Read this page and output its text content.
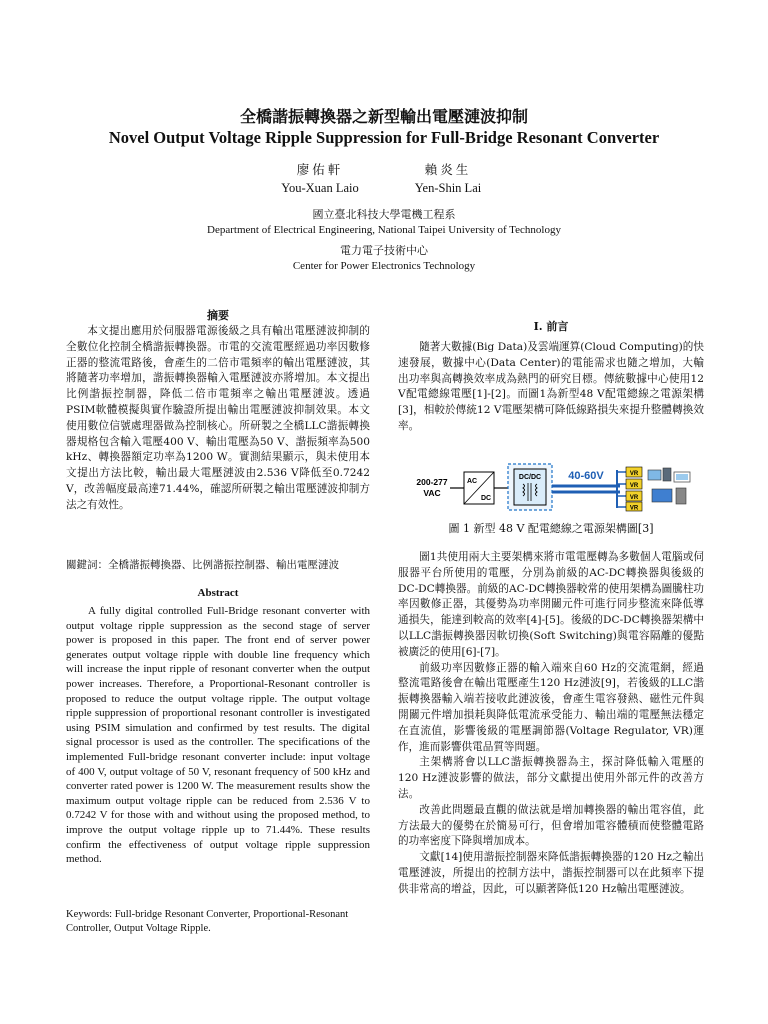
全橋諧振轉換器之新型輸出電壓漣波抑制
Novel Output Voltage Ripple Suppression for Full-Bridge Resonant Converter
廖佑軒
You-Xuan Laio
賴炎生
Yen-Shin Lai
國立臺北科技大學電機工程系
Department of Electrical Engineering, National Taipei University of Technology
電力電子技術中心
Center for Power Electronics Technology
摘要

本文提出應用於伺服器電源後級之具有輸出電壓漣波抑制的全數位化控制全橋諧振轉換器。市電的交流電壓經過功率因數修正器的整流電路後，會產生的二倍市電頻率的輸出電壓漣波，其將隨著功率增加，諧振轉換器輸入電壓漣波亦將增加。本文提出比例諧振控制器，降低二倍市電頻率之輸出電壓漣波。透過PSIM軟體模擬與實作驗證所提出輸出電壓漣波抑制效果。本文使用數位信號處理器做為控制核心。所研製之全橋LLC諧振轉換器規格包含輸入電壓400 V、輸出電壓為50 V、諧振頻率為500 kHz、轉換器額定功率為1200 W。實測結果顯示，與未使用本文提出方法比較，輸出最大電壓漣波由2.536 V降低至0.7242 V，改善幅度最高達71.44%，確認所研製之輸出電壓漣波抑制方法之有效性。

關鍵詞：全橋諧振轉換器、比例諧振控制器、輸出電壓漣波
Abstract

A fully digital controlled Full-Bridge resonant converter with output voltage ripple suppression as the second stage of server power is proposed in this paper. The front end of server power generates output voltage ripple with double line frequency which will increase the input ripple of resonant converter when the output power increases. Therefore, a Proportional-Resonant controller is proposed to reduce the output voltage ripple. The output voltage ripple suppression of proportional resonant controller is investigated using PSIM simulation and confirmed by test results. The digital signal processor is used as the controller. The specifications of the implemented Full-bridge resonant converter include: input voltage of 400 V, output voltage of 50 V, resonant frequency of 500 kHz and converter rated power is 1200 W. The measurement results show the maximum output voltage ripple can be reduced from 2.536 V to 0.7242 V for those with and without using the proposed method, to improve the output voltage ripple up to 71.44%. These results confirm the effectiveness of output voltage ripple suppression method.

Keywords: Full-bridge Resonant Converter, Proportional-Resonant Controller, Output Voltage Ripple.
I. 前言

隨著大數據(Big Data)及雲端運算(Cloud Computing)的快速發展，數據中心(Data Center)的電能需求也隨之增加，大輸出功率與高轉換效率成為熱門的研究目標。傳統數據中心使用12 V配電總線電壓[1]-[2]。而圖1為新型48 V配電總線之電源架構[3]，相較於傳統12 V電壓架構可降低線路損失來提升整體轉換效率。

200-277
VAC
AC
DC
DC/DC 40-60V	VR
VR
VR
VR
圖 1 新型 48 V 配電總線之電源架構圖[3]

圖1共使用兩大主要架構來將市電電壓轉為多數個人電腦或伺服器平台所使用的電壓，分別為前級的AC-DC轉換器與後級的DC-DC轉換器。前級的AC-DC轉換器較常的使用架構為圖騰柱功率因數修正器，其優勢為功率開關元件可進行同步整流來降低導通損失，能達到較高的效率[4]-[5]。後級的DC-DC轉換器架構中以LLC諧振轉換器因軟切換(Soft Switching)與電容隔離的優點被廣泛的使用[6]-[7]。

前級功率因數修正器的輸入端來自60 Hz的交流電網，經過整流電路後會在輸出電壓產生120 Hz漣波[9]，若後級的LLC諧振轉換器輸入端若接收此漣波後，會產生電容發熱、磁性元件與開關元件增加損耗與降低電流承受能力、輸出端的電壓無法穩定在直流值，影響後級的電壓調節器(Voltage Regulator, VR)運作，進而影響供電品質等問題。

主架構將會以LLC諧振轉換器為主，探討降低輸入電壓的120 Hz漣波影響的做法，部分文獻提出使用外部元件的改善方法。

改善此問題最直觀的做法就是增加轉換器的輸出電容值，此方法最大的優勢在於簡易可行，但會增加電容體積而使整體電路的功率密度下降與增加成本。

文獻[14]使用諧振控制器來降低諧振轉換器的120 Hz之輸出電壓漣波，所提出的控制方法中，諧振控制器可以在此頻率下提供非常高的增益，因此，可以顯著降低120 Hz輸出電壓漣波。
